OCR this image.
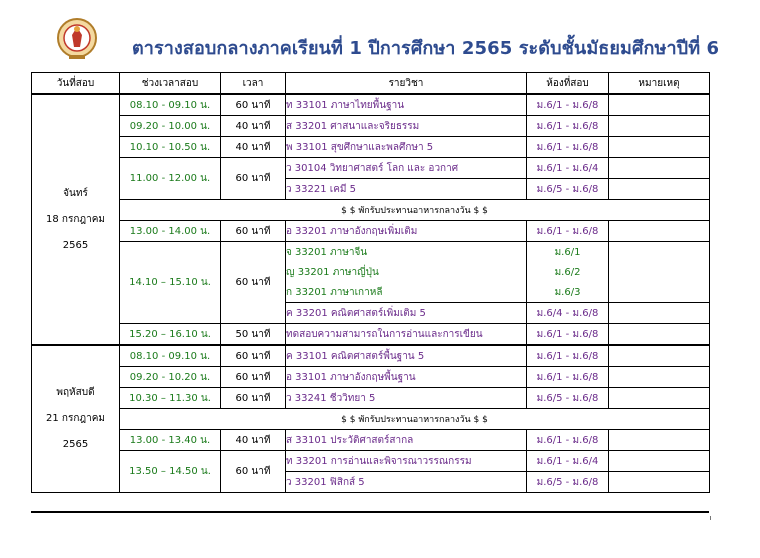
ตารางสอบกลางภาคเรียนที่ 1 ปีการศึกษา 2565 ระดับชั้นมัธยมศึกษาปีที่ 6
วันที่สอบ	ช่วงเวลาสอบ	เวลา	รายวิชา	ห้องที่สอบ	หมายเหตุ

จันทร์
18 กรกฎาคม
2565	08.10 - 09.10 น.	60 นาที	ท 33101 ภาษาไทยพื้นฐาน	ม.6/1 - ม.6/8	
	09.20 - 10.00 น.	40 นาที	ส 33201 ศาสนาและจริยธรรม	ม.6/1 - ม.6/8	
	10.10 - 10.50 น.	40 นาที	พ 33101 สุขศึกษาและพลศึกษา 5	ม.6/1 - ม.6/8	
	11.00 - 12.00 น.	60 นาที	ว 30104 วิทยาศาสตร์ โลก และ อวกาศ	ม.6/1 - ม.6/4	
			ว 33221 เคมี 5	ม.6/5 - ม.6/8	
	$ $ พักรับประทานอาหารกลางวัน $ $				
	13.00 - 14.00 น.	60 นาที	อ 33201 ภาษาอังกฤษเพิ่มเติม	ม.6/1 - ม.6/8	
	14.10 – 15.10 น.	60 นาที	จ 33201 ภาษาจีน	ม.6/1	
			ญ 33201 ภาษาญี่ปุ่น	ม.6/2	
			ก 33201 ภาษาเกาหลี	ม.6/3	
			ค 33201 คณิตศาสตร์เพิ่มเติม 5	ม.6/4 - ม.6/8	
	15.20 – 16.10 น.	50 นาที	ทดสอบความสามารถในการอ่านและการเขียน	ม.6/1 - ม.6/8	

พฤหัสบดี
21 กรกฎาคม
2565	08.10 - 09.10 น.	60 นาที	ค 33101 คณิตศาสตร์พื้นฐาน 5	ม.6/1 - ม.6/8	
	09.20 - 10.20 น.	60 นาที	อ 33101 ภาษาอังกฤษพื้นฐาน	ม.6/1 - ม.6/8	
	10.30 – 11.30 น.	60 นาที	ว 33241 ชีววิทยา 5	ม.6/5 - ม.6/8	
	$ $ พักรับประทานอาหารกลางวัน $ $				
	13.00 - 13.40 น.	40 นาที	ส 33101 ประวัติศาสตร์สากล	ม.6/1 - ม.6/8	
	13.50 – 14.50 น.	60 นาที	ท 33201 การอ่านและพิจารณาวรรณกรรม	ม.6/1 - ม.6/4	
			ว 33201 ฟิสิกส์ 5	ม.6/5 - ม.6/8	
